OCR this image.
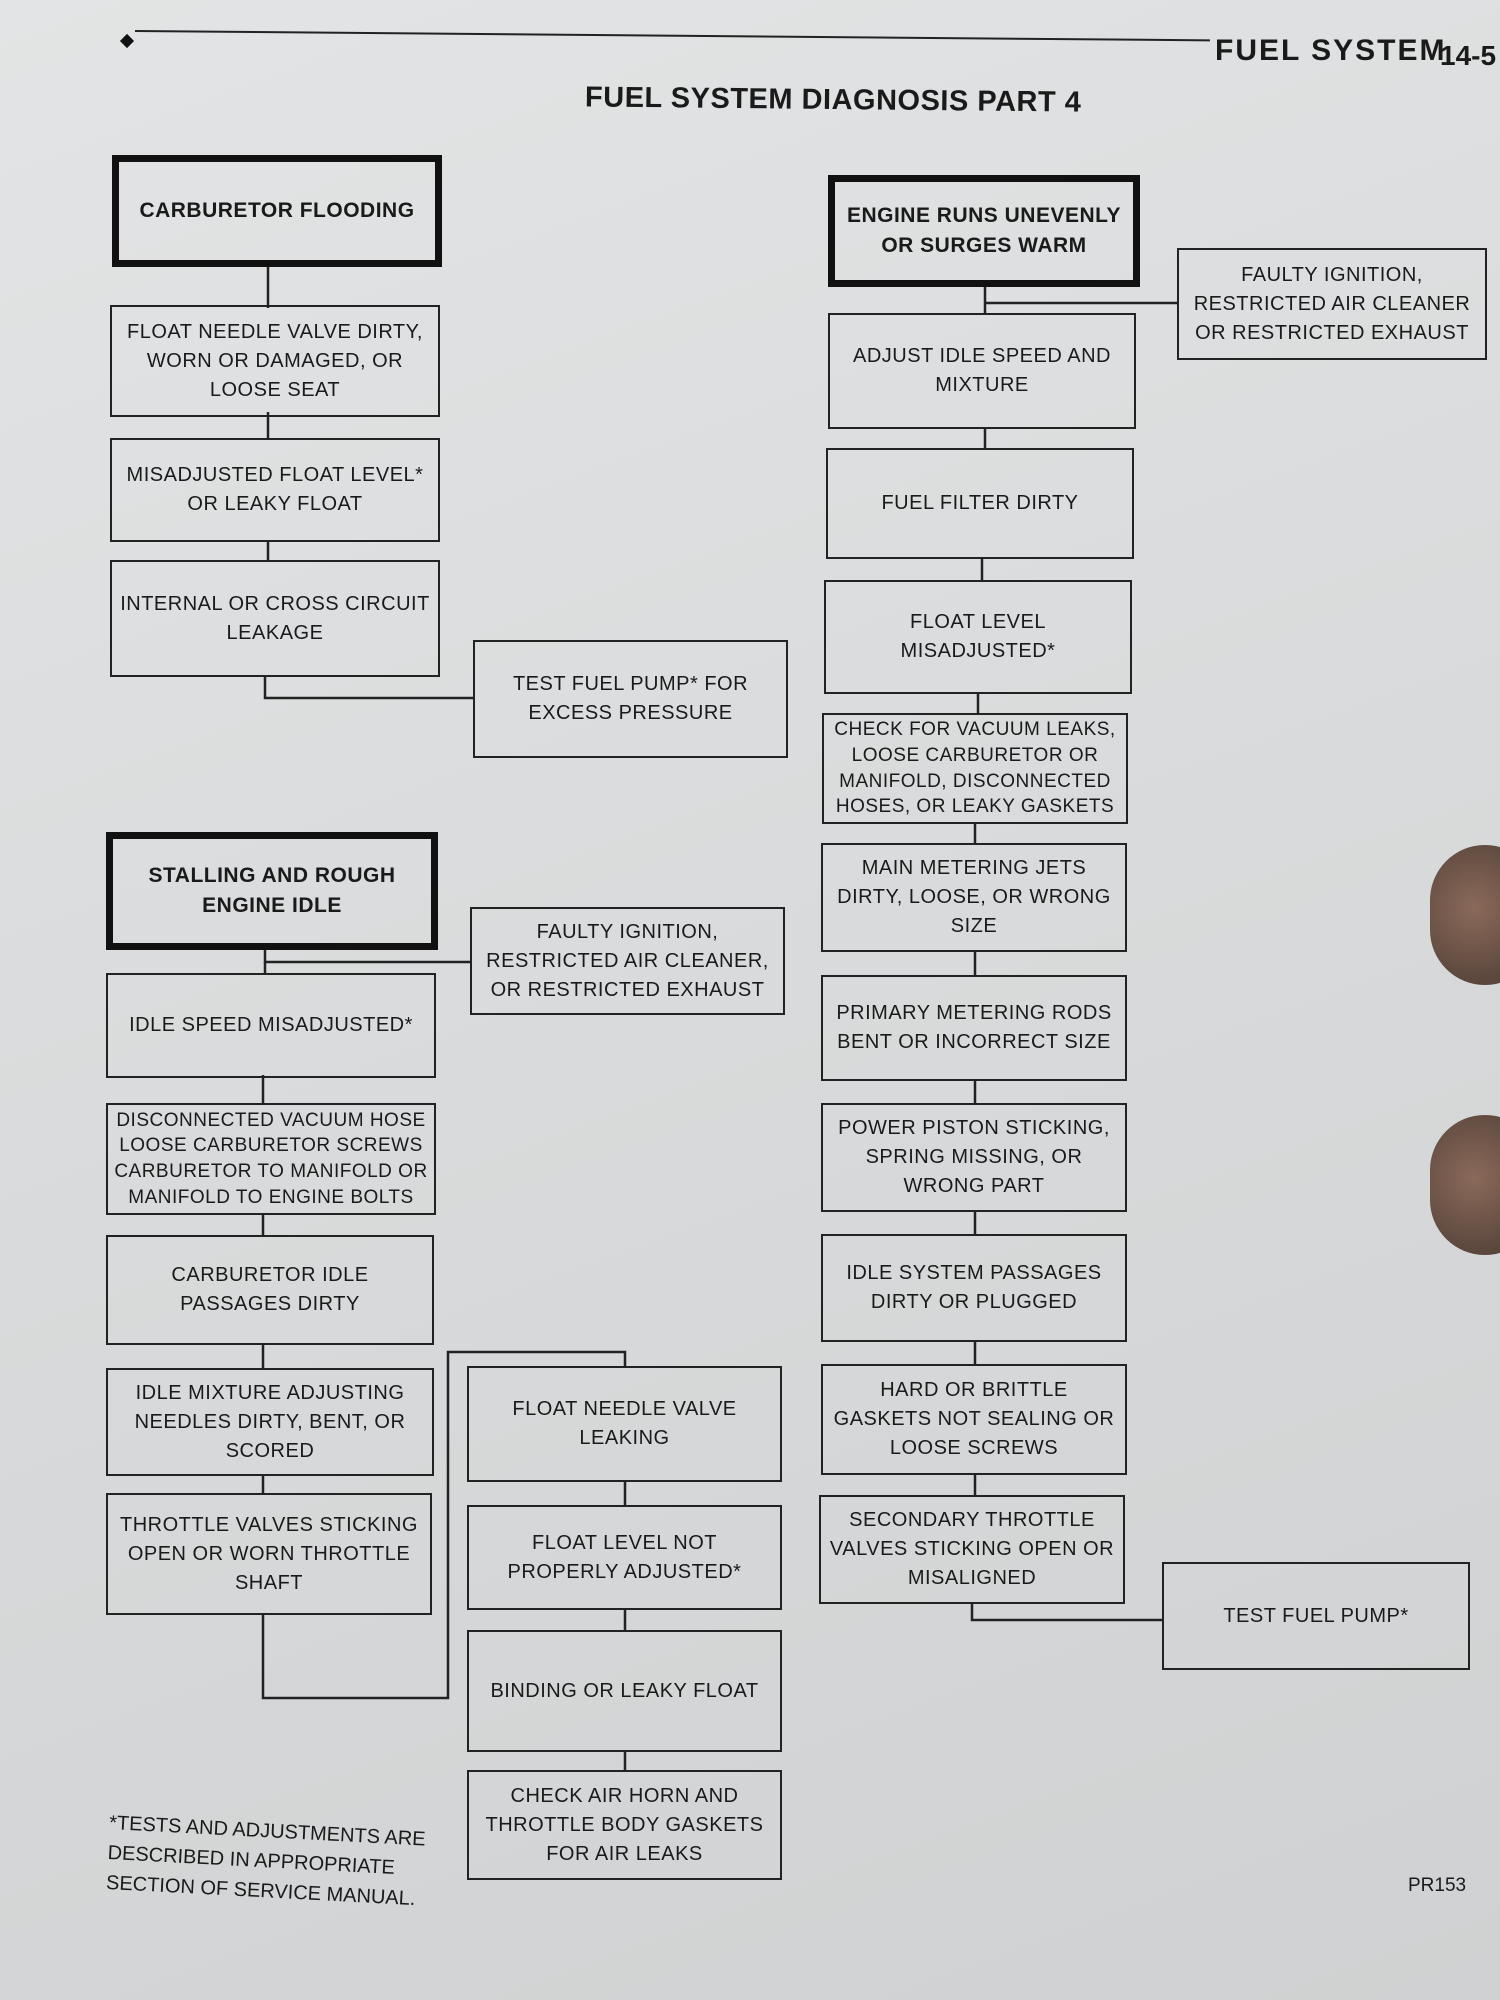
FUEL SYSTEM
14-5
FUEL SYSTEM DIAGNOSIS PART 4
CARBURETOR FLOODING
FLOAT NEEDLE VALVE DIRTY, WORN OR DAMAGED, OR LOOSE SEAT
MISADJUSTED FLOAT LEVEL* OR LEAKY FLOAT
INTERNAL OR CROSS CIRCUIT LEAKAGE
TEST FUEL PUMP* FOR EXCESS PRESSURE
STALLING AND ROUGH ENGINE IDLE
FAULTY IGNITION, RESTRICTED AIR CLEANER, OR RESTRICTED EXHAUST
IDLE SPEED MISADJUSTED*
DISCONNECTED VACUUM HOSE LOOSE CARBURETOR SCREWS CARBURETOR TO MANIFOLD OR MANIFOLD TO ENGINE BOLTS
CARBURETOR IDLE PASSAGES DIRTY
IDLE MIXTURE ADJUSTING NEEDLES DIRTY, BENT, OR SCORED
THROTTLE VALVES STICKING OPEN OR WORN THROTTLE SHAFT
FLOAT NEEDLE VALVE LEAKING
FLOAT LEVEL NOT PROPERLY ADJUSTED*
BINDING OR LEAKY FLOAT
CHECK AIR HORN AND THROTTLE BODY GASKETS FOR AIR LEAKS
ENGINE RUNS UNEVENLY OR SURGES WARM
FAULTY IGNITION, RESTRICTED AIR CLEANER OR RESTRICTED EXHAUST
ADJUST IDLE SPEED AND MIXTURE
FUEL FILTER DIRTY
FLOAT LEVEL MISADJUSTED*
CHECK FOR VACUUM LEAKS, LOOSE CARBURETOR OR MANIFOLD, DISCONNECTED HOSES, OR LEAKY GASKETS
MAIN METERING JETS DIRTY, LOOSE, OR WRONG SIZE
PRIMARY METERING RODS BENT OR INCORRECT SIZE
POWER PISTON STICKING, SPRING MISSING, OR WRONG PART
IDLE SYSTEM PASSAGES DIRTY OR PLUGGED
HARD OR BRITTLE GASKETS NOT SEALING OR LOOSE SCREWS
SECONDARY THROTTLE VALVES STICKING OPEN OR MISALIGNED
TEST FUEL PUMP*
*TESTS AND ADJUSTMENTS ARE DESCRIBED IN APPROPRIATE SECTION OF SERVICE MANUAL.	PR153
